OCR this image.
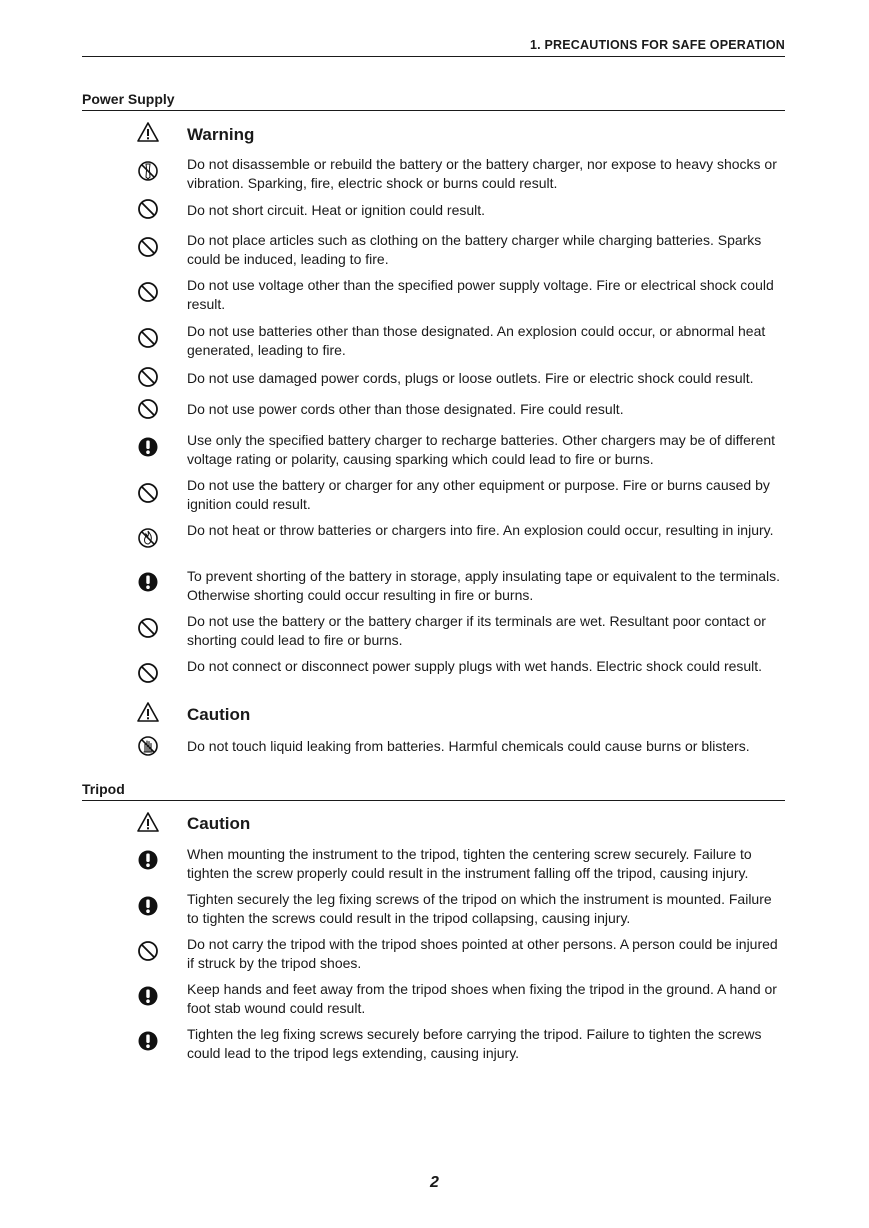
1. PRECAUTIONS FOR SAFE OPERATION
Power Supply
Warning
Do not disassemble or rebuild the battery or the battery charger, nor expose to heavy shocks or vibration. Sparking, fire, electric shock or burns could result.
Do not short circuit. Heat or ignition could result.
Do not place articles such as clothing on the battery charger while charging batteries. Sparks could be induced, leading to fire.
Do not use voltage other than the specified power supply voltage. Fire or electrical shock could result.
Do not use batteries other than those designated. An explosion could occur, or abnormal heat generated, leading to fire.
Do not use damaged power cords, plugs or loose outlets. Fire or electric shock could result.
Do not use power cords other than those designated. Fire could result.
Use only the specified battery charger to recharge batteries. Other chargers may be of different voltage rating or polarity, causing sparking which could lead to fire or burns.
Do not use the battery or charger for any other equipment or purpose. Fire or burns caused by ignition could result.
Do not heat or throw batteries or chargers into fire. An explosion could occur, resulting in injury.
To prevent shorting of the battery in storage, apply insulating tape or equivalent to the terminals. Otherwise shorting could occur resulting in fire or burns.
Do not use the battery or the battery charger if its terminals are wet. Resultant poor contact or shorting could lead to fire or burns.
Do not connect or disconnect power supply plugs with wet hands. Electric shock could result.
Caution
Do not touch liquid leaking from batteries. Harmful chemicals could cause burns or blisters.
Tripod
Caution
When mounting the instrument to the tripod, tighten the centering screw securely. Failure to tighten the screw properly could result in the instrument falling off the tripod, causing injury.
Tighten securely the leg fixing screws of the tripod on which the instrument is mounted. Failure to tighten the screws could result in the tripod collapsing, causing injury.
Do not carry the tripod with the tripod shoes pointed at other persons. A person could be injured if struck by the tripod shoes.
Keep hands and feet away from the tripod shoes when fixing the tripod in the ground. A hand or foot stab wound could result.
Tighten the leg fixing screws securely before carrying the tripod. Failure to tighten the screws could lead to the tripod legs extending, causing injury.
2
